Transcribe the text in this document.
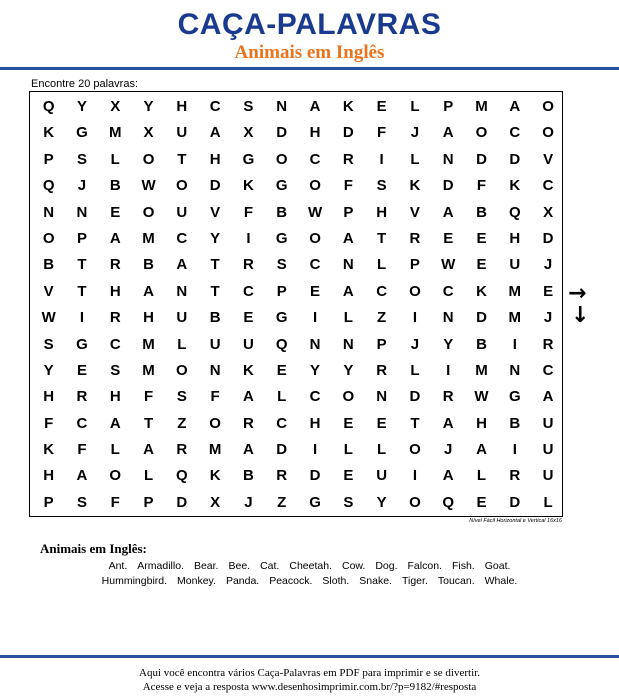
CAÇA-PALAVRAS
Animais em Inglês
Encontre 20 palavras:
Q	Y	X	Y	H	C	S	N	A	K	E	L	P	M	A	O
K	G	M	X	U	A	X	D	H	D	F	J	A	O	C	O
P	S	L	O	T	H	G	O	C	R	I	L	N	D	D	V
Q	J	B	W	O	D	K	G	O	F	S	K	D	F	K	C
N	N	E	O	U	V	F	B	W	P	H	V	A	B	Q	X
O	P	A	M	C	Y	I	G	O	A	T	R	E	E	H	D
B	T	R	B	A	T	R	S	C	N	L	P	W	E	U	J
V	T	H	A	N	T	C	P	E	A	C	O	C	K	M	E
W	I	R	H	U	B	E	G	I	L	Z	I	N	D	M	J
S	G	C	M	L	U	U	Q	N	N	P	J	Y	B	I	R
Y	E	S	M	O	N	K	E	Y	Y	R	L	I	M	N	C
H	R	H	F	S	F	A	L	C	O	N	D	R	W	G	A
F	C	A	T	Z	O	R	C	H	E	E	T	A	H	B	U
K	F	L	A	R	M	A	D	I	L	L	O	J	A	I	U
H	A	O	L	Q	K	B	R	D	E	U	I	A	L	R	U
P	S	F	P	D	X	J	Z	G	S	Y	O	Q	E	D	L
→
↓
Nível Fácil Horizontal e Vertical 16x16
Animais em Inglês:
Ant. Armadillo. Bear. Bee. Cat. Cheetah. Cow. Dog. Falcon. Fish. Goat.
Hummingbird. Monkey. Panda. Peacock. Sloth. Snake. Tiger. Toucan. Whale.
Aqui você encontra vários Caça-Palavras em PDF para imprimir e se divertir.
Acesse e veja a resposta www.desenhosimprimir.com.br/?p=9182/#resposta
